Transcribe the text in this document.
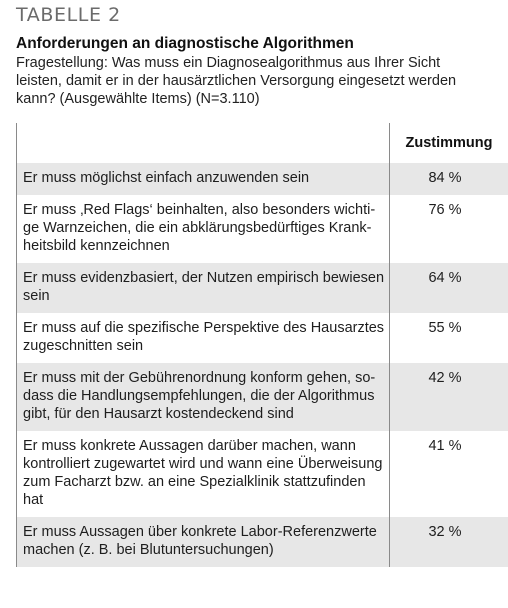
TABELLE 2
Anforderungen an diagnostische Algorithmen

Fragestellung: Was muss ein Diagnosealgorithmus aus Ihrer Sicht leisten, damit er in der hausärztlichen Versorgung eingesetzt werden kann? (Ausgewählte Items) (N=3.110)

	Zustimmung

Er muss möglichst einfach anzuwenden sein	84 %

Er muss ‚Red Flags‘ beinhalten, also besonders wichtige Warnzeichen, die ein abklärungsbedürftiges Krankheitsbild kennzeichnen	76 %

Er muss evidenzbasiert, der Nutzen empirisch bewiesen sein	64 %

Er muss auf die spezifische Perspektive des Hausarztes zugeschnitten sein	55 %

Er muss mit der Gebührenordnung konform gehen, sodass die Handlungsempfehlungen, die der Algorithmus gibt, für den Hausarzt kostendeckend sind	42 %

Er muss konkrete Aussagen darüber machen, wann kontrolliert zugewartet wird und wann eine Überweisung zum Facharzt bzw. an eine Spezialklinik stattzufinden hat	41 %

Er muss Aussagen über konkrete Labor-Referenzwerte machen (z. B. bei Blutuntersuchungen)	32 %
